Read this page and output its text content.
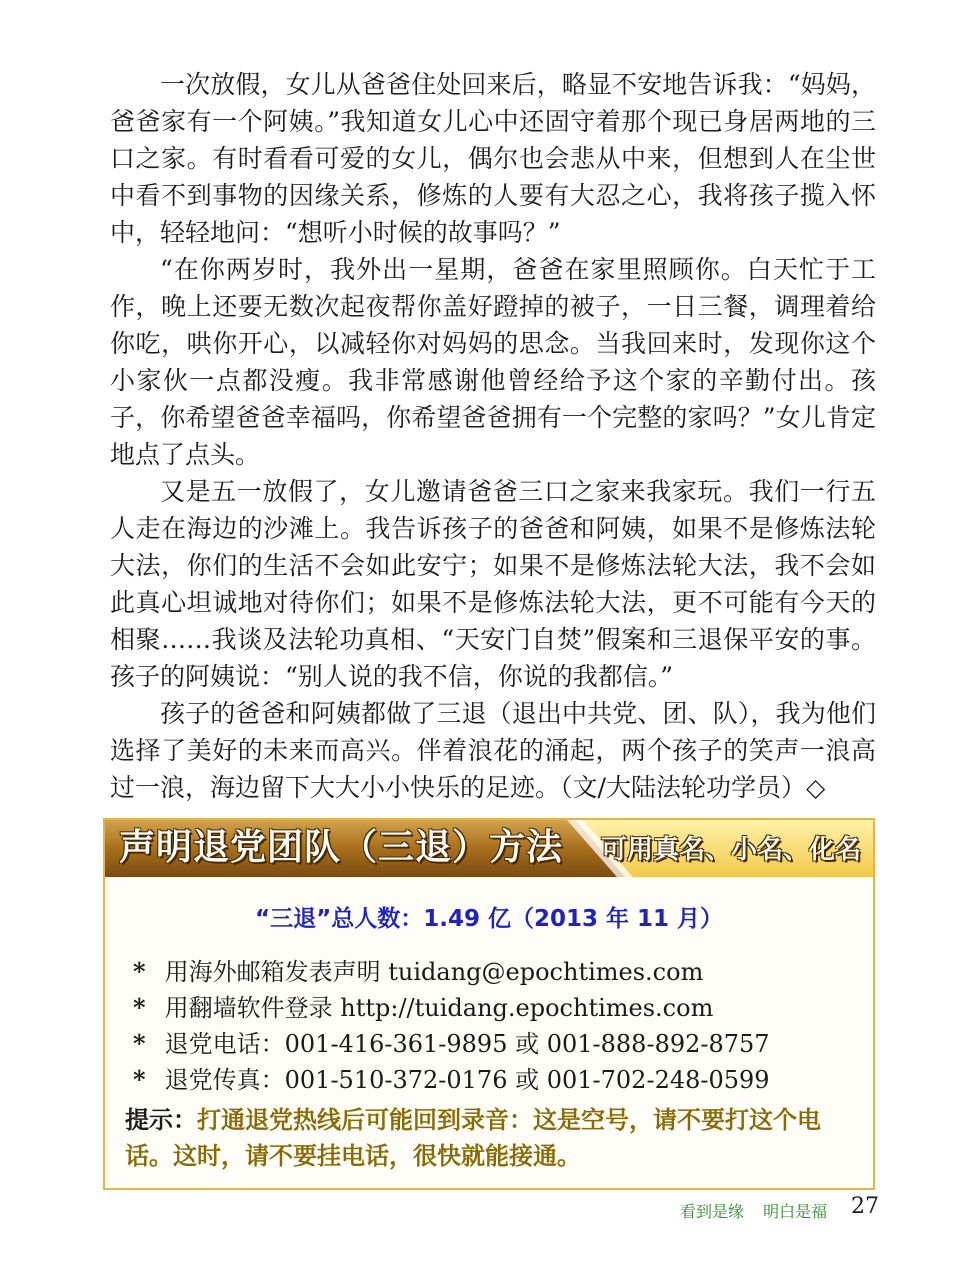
一次放假，女儿从爸爸住处回来后，略显不安地告诉我：“妈妈，爸爸家有一个阿姨。”我知道女儿心中还固守着那个现已身居两地的三口之家。有时看看可爱的女儿，偶尔也会悲从中来，但想到人在尘世中看不到事物的因缘关系，修炼的人要有大忍之心，我将孩子揽入怀中，轻轻地问：“想听小时候的故事吗？”

“在你两岁时，我外出一星期，爸爸在家里照顾你。白天忙于工作，晚上还要无数次起夜帮你盖好蹬掉的被子，一日三餐，调理着给你吃，哄你开心，以减轻你对妈妈的思念。当我回来时，发现你这个小家伙一点都没瘦。我非常感谢他曾经给予这个家的辛勤付出。孩子，你希望爸爸幸福吗，你希望爸爸拥有一个完整的家吗？”女儿肯定地点了点头。

又是五一放假了，女儿邀请爸爸三口之家来我家玩。我们一行五人走在海边的沙滩上。我告诉孩子的爸爸和阿姨，如果不是修炼法轮大法，你们的生活不会如此安宁；如果不是修炼法轮大法，我不会如此真心坦诚地对待你们；如果不是修炼法轮大法，更不可能有今天的相聚……我谈及法轮功真相、“天安门自焚”假案和三退保平安的事。孩子的阿姨说：“别人说的我不信，你说的我都信。”

孩子的爸爸和阿姨都做了三退（退出中共党、团、队），我为他们选择了美好的未来而高兴。伴着浪花的涌起，两个孩子的笑声一浪高过一浪，海边留下大大小小快乐的足迹。（文/大陆法轮功学员）◇

声明退党团队（三退）方法 可用真名、小名、化名
“三退”总人数：1.49 亿（2013 年 11 月）
* 用海外邮箱发表声明 tuidang@epochtimes.com
* 用翻墙软件登录 http://tuidang.epochtimes.com
* 退党电话：001-416-361-9895 或 001-888-892-8757
* 退党传真：001-510-372-0176 或 001-702-248-0599
提示：打通退党热线后可能回到录音：这是空号，请不要打这个电话。这时，请不要挂电话，很快就能接通。
看到是缘 明白是福 27
